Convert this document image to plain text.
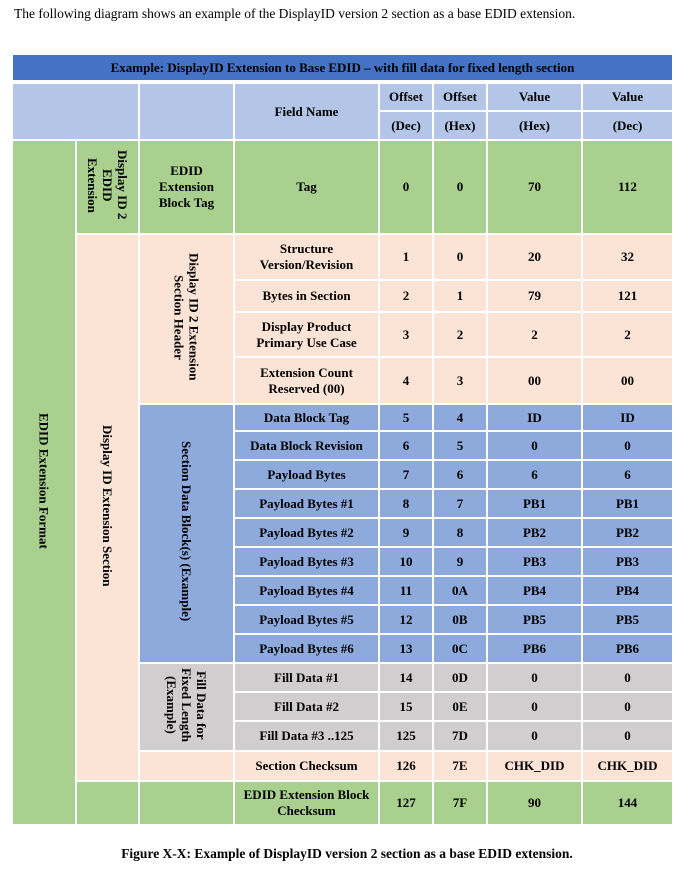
The following diagram shows an example of the DisplayID version 2 section as a base EDID extension.
Example: DisplayID Extension to Base EDID – with fill data for fixed length section
			Field Name	Offset	Offset	Value	Value
				(Dec)	(Hex)	(Hex)	(Dec)
EDID Extension Format	Display ID 2 EDID Extension	EDID Extension Block Tag	Tag	0	0	70	112
	Display ID Extension Section	Display ID 2 Extension Section Header	Structure Version/Revision	1	0	20	32
			Bytes in Section	2	1	79	121
			Display Product Primary Use Case	3	2	2	2
			Extension Count Reserved (00)	4	3	00	00
		Section Data Block(s) (Example)	Data Block Tag	5	4	ID	ID
			Data Block Revision	6	5	0	0
			Payload Bytes	7	6	6	6
			Payload Bytes #1	8	7	PB1	PB1
			Payload Bytes #2	9	8	PB2	PB2
			Payload Bytes #3	10	9	PB3	PB3
			Payload Bytes #4	11	0A	PB4	PB4
			Payload Bytes #5	12	0B	PB5	PB5
			Payload Bytes #6	13	0C	PB6	PB6
		Fill Data for Fixed Length (Example)	Fill Data #1	14	0D	0	0
			Fill Data #2	15	0E	0	0
			Fill Data #3 ..125	125	7D	0	0
			Section Checksum	126	7E	CHK_DID	CHK_DID
			EDID Extension Block Checksum	127	7F	90	144
Figure X-X: Example of DisplayID version 2 section as a base EDID extension.
